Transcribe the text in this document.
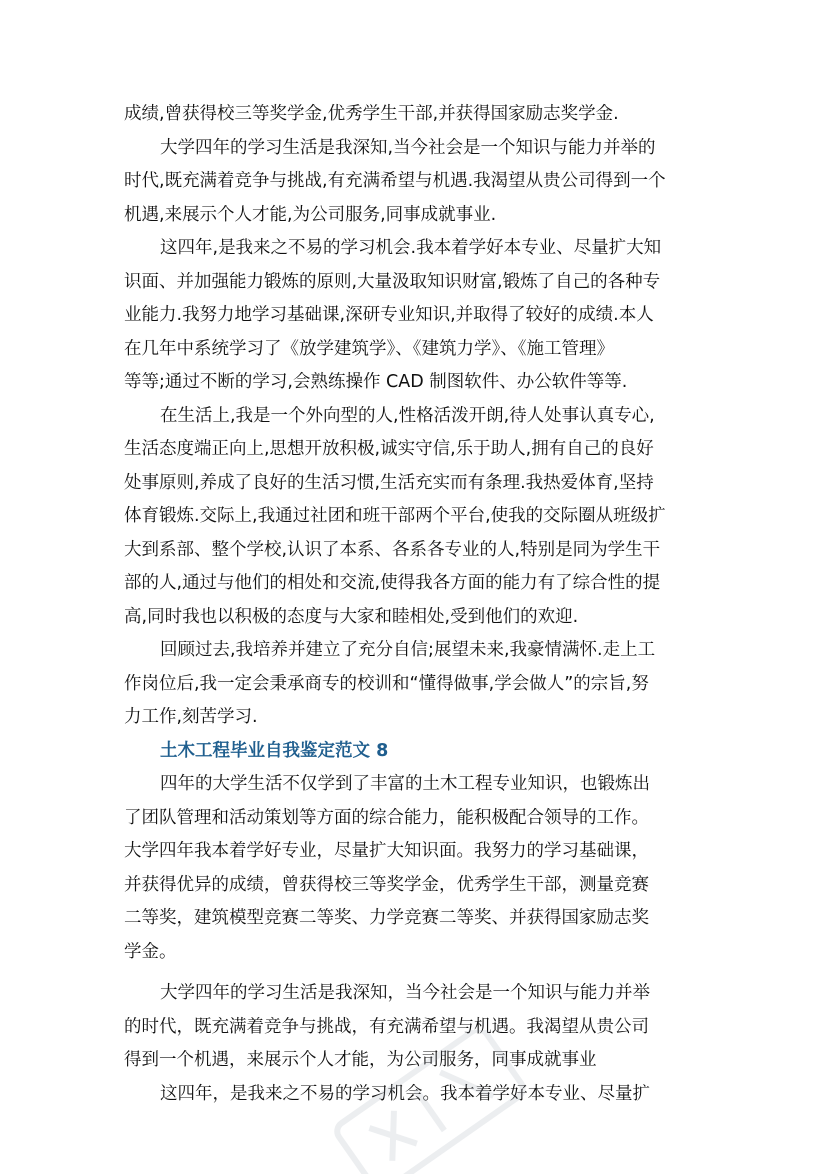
成绩,曾获得校三等奖学金,优秀学生干部,并获得国家励志奖学金.
大学四年的学习生活是我深知,当今社会是一个知识与能力并举的
时代,既充满着竞争与挑战,有充满希望与机遇.我渴望从贵公司得到一个
机遇,来展示个人才能,为公司服务,同事成就事业.
这四年,是我来之不易的学习机会.我本着学好本专业、尽量扩大知
识面、并加强能力锻炼的原则,大量汲取知识财富,锻炼了自己的各种专
业能力.我努力地学习基础课,深研专业知识,并取得了较好的成绩.本人
在几年中系统学习了《放学建筑学》、《建筑力学》、《施工管理》
等等;通过不断的学习,会熟练操作 CAD 制图软件、办公软件等等.
在生活上,我是一个外向型的人,性格活泼开朗,待人处事认真专心,
生活态度端正向上,思想开放积极,诚实守信,乐于助人,拥有自己的良好
处事原则,养成了良好的生活习惯,生活充实而有条理.我热爱体育,坚持
体育锻炼.交际上,我通过社团和班干部两个平台,使我的交际圈从班级扩
大到系部、整个学校,认识了本系、各系各专业的人,特别是同为学生干
部的人,通过与他们的相处和交流,使得我各方面的能力有了综合性的提
高,同时我也以积极的态度与大家和睦相处,受到他们的欢迎.
回顾过去,我培养并建立了充分自信;展望未来,我豪情满怀.走上工
作岗位后,我一定会秉承商专的校训和“懂得做事,学会做人”的宗旨,努
力工作,刻苦学习.
土木工程毕业自我鉴定范文 8
四年的大学生活不仅学到了丰富的土木工程专业知识，也锻炼出
了团队管理和活动策划等方面的综合能力，能积极配合领导的工作。
大学四年我本着学好专业，尽量扩大知识面。我努力的学习基础课，
并获得优异的成绩，曾获得校三等奖学金，优秀学生干部，测量竞赛
二等奖，建筑模型竞赛二等奖、力学竞赛二等奖、并获得国家励志奖
学金。
大学四年的学习生活是我深知，当今社会是一个知识与能力并举
的时代，既充满着竞争与挑战，有充满希望与机遇。我渴望从贵公司
得到一个机遇，来展示个人才能，为公司服务，同事成就事业
这四年，是我来之不易的学习机会。我本着学好本专业、尽量扩
